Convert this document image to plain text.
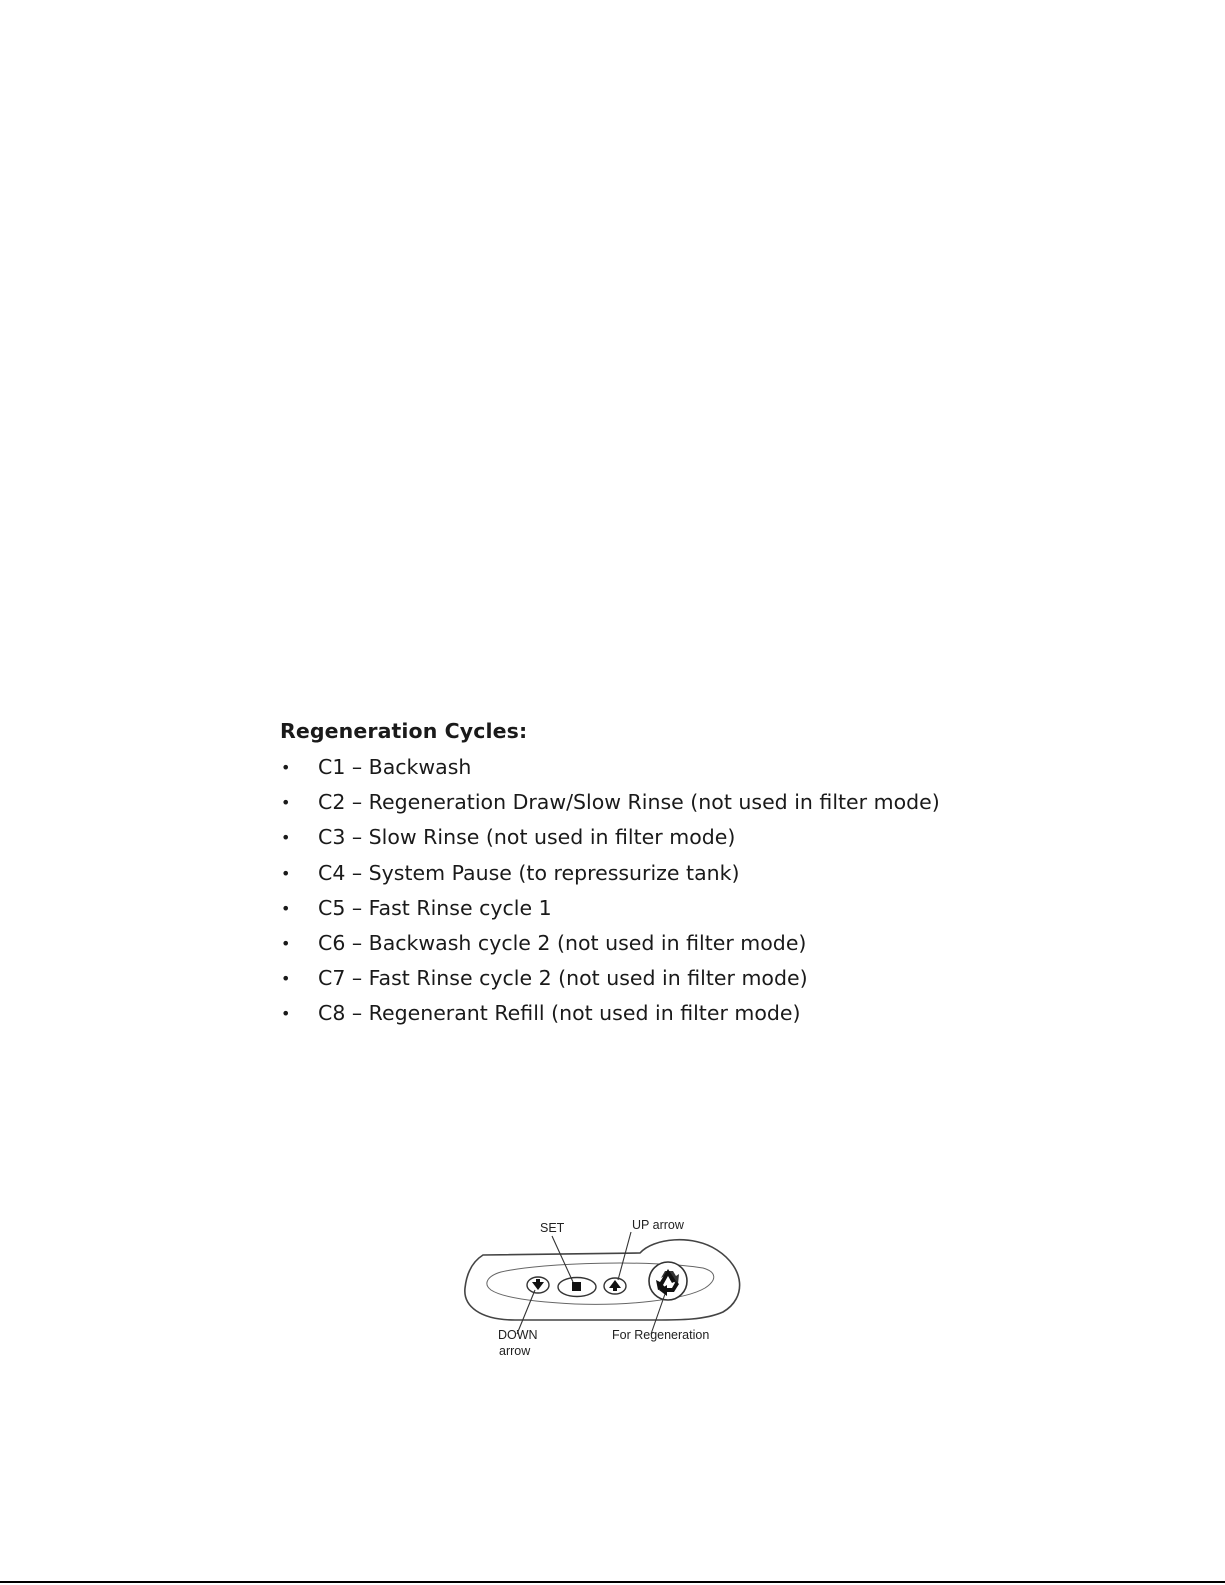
Regeneration Cycles:
• C1 – Backwash
• C2 – Regeneration Draw/Slow Rinse (not used in filter mode)
• C3 – Slow Rinse (not used in filter mode)
• C4 – System Pause (to repressurize tank)
• C5 – Fast Rinse cycle 1
• C6 – Backwash cycle 2 (not used in filter mode)
• C7 – Fast Rinse cycle 2 (not used in filter mode)
• C8 – Regenerant Refill (not used in filter mode)
SET	UP arrow
DOWN
arrow
For Regeneration
